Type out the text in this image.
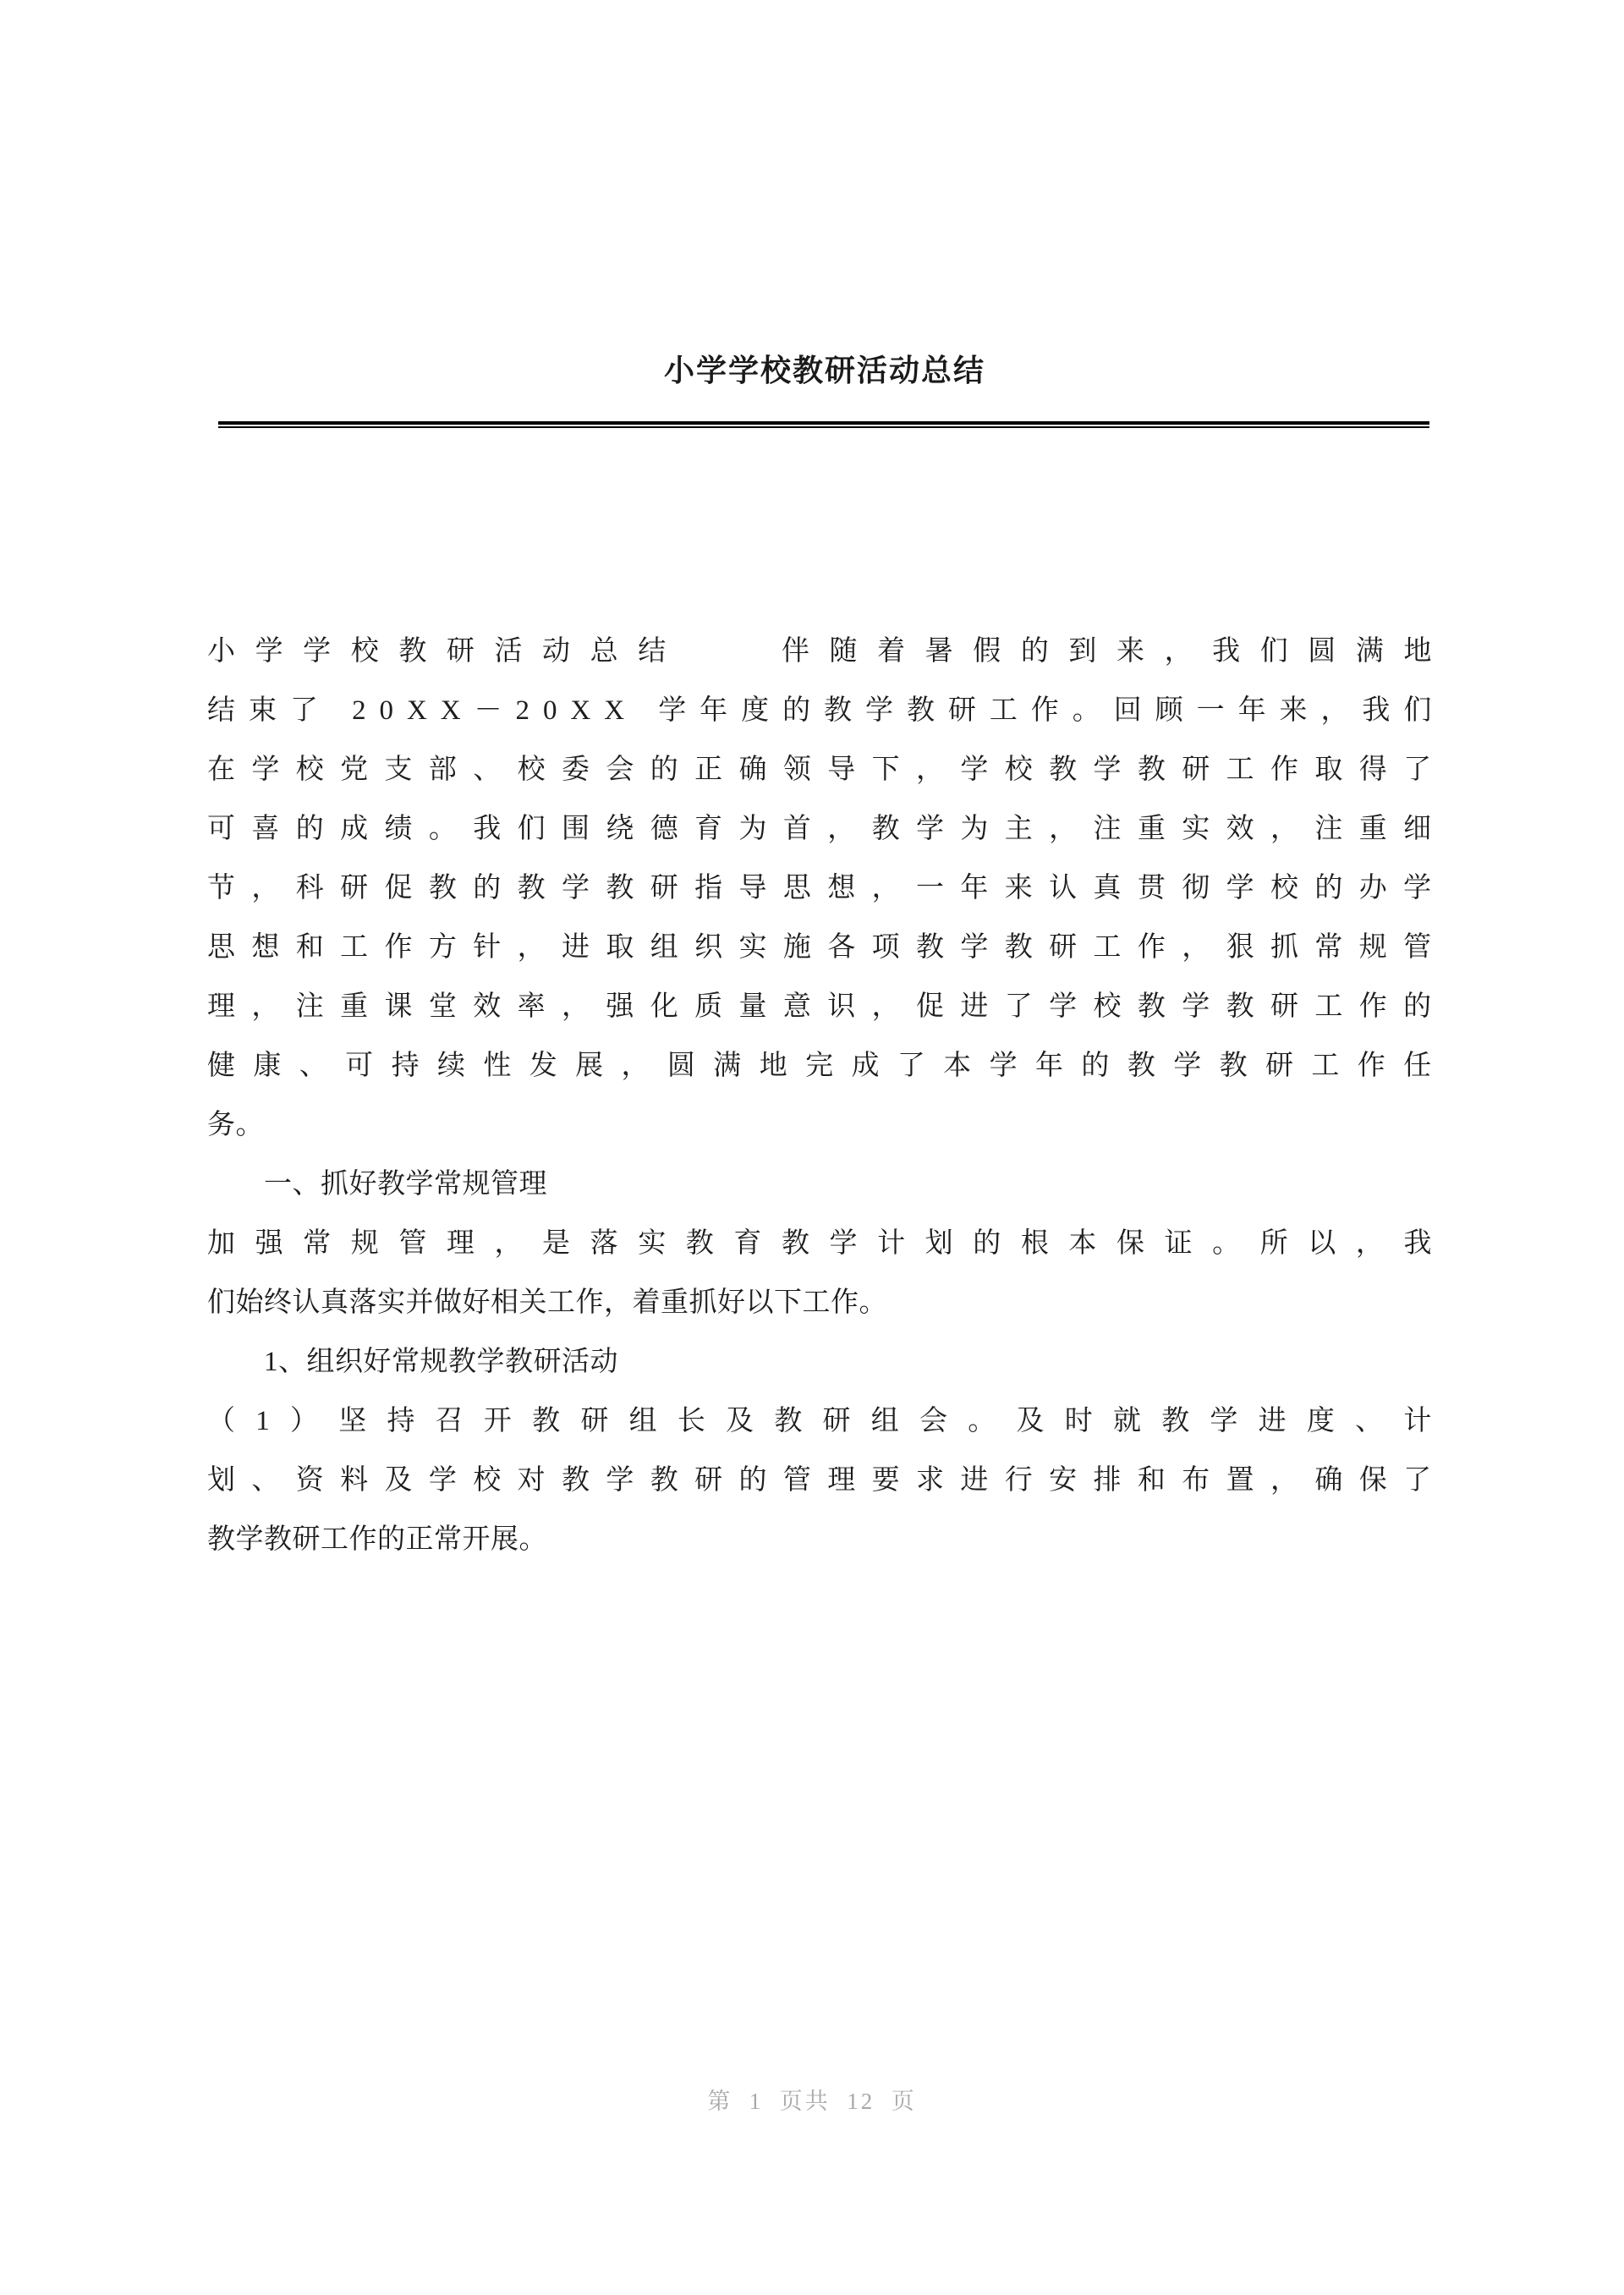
小学学校教研活动总结
小 学 学 校 教 研 活 动 总 结

　	伴 随 着 暑 假 的 到 来 ， 我 们 圆 满 地
结 束 了
2 0 X X － 2 0 X X
学 年 度 的 教 学 教 研 工 作 。 回 顾 一 年 来 ， 我 们
在 学 校 党 支 部 、 校 委 会 的 正 确 领 导 下 ， 学 校 教 学 教 研 工 作 取 得 了
可 喜 的 成 绩 。 我 们 围 绕 德 育 为 首 ， 教 学 为 主 ， 注 重 实 效 ， 注 重 细
节 ， 科 研 促 教 的 教 学 教 研 指 导 思 想 ， 一 年 来 认 真 贯 彻 学 校 的 办 学
思 想 和 工 作 方 针 ， 进 取 组 织 实 施 各 项 教 学 教 研 工 作 ， 狠 抓 常 规 管
理 ， 注 重 课 堂 效 率 ， 强 化 质 量 意 识 ， 促 进 了 学 校 教 学 教 研 工 作 的
健 康 、 可 持 续 性 发 展 ， 圆 满 地 完 成 了 本 学 年 的 教 学 教 研 工 作 任
务。
　　一、抓好教学常规管理
加 强 常 规 管 理 ， 是 落 实 教 育 教 学 计 划 的 根 本 保 证 。 所 以 ， 我
们始终认真落实并做好相关工作，着重抓好以下工作。
　　1、组织好常规教学教研活动
（ 1 ） 坚 持 召 开 教 研 组 长 及 教 研 组 会 。 及 时 就 教 学 进 度 、 计
划 、 资 料 及 学 校 对 教 学 教 研 的 管 理 要 求 进 行 安 排 和 布 置 ， 确 保 了
教学教研工作的正常开展。
第  1  页共  12  页
